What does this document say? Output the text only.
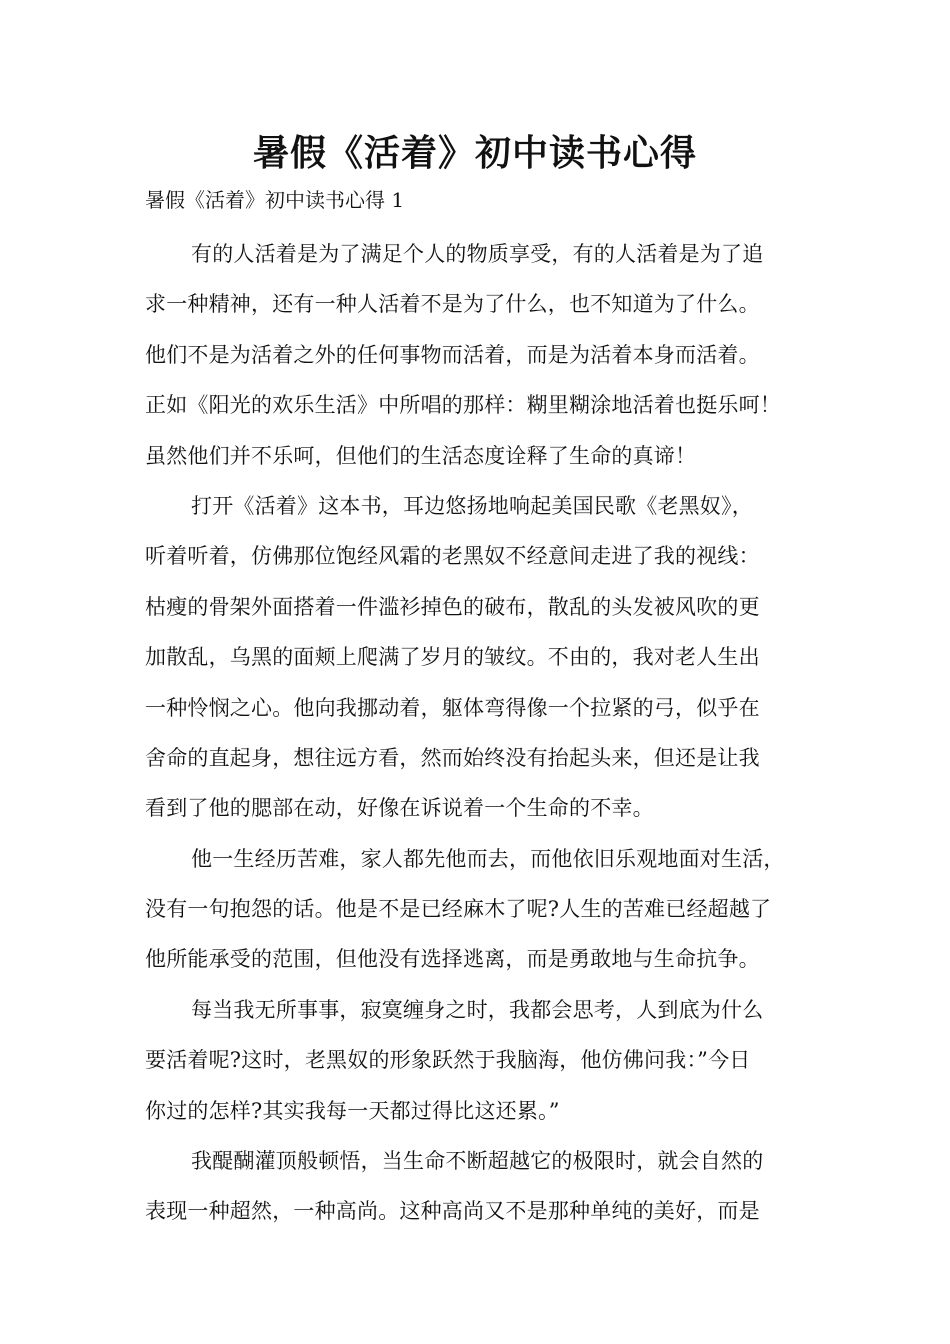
暑假《活着》初中读书心得
暑假《活着》初中读书心得 1
有的人活着是为了满足个人的物质享受，有的人活着是为了追
求一种精神，还有一种人活着不是为了什么，也不知道为了什么。
他们不是为活着之外的任何事物而活着，而是为活着本身而活着。
正如《阳光的欢乐生活》中所唱的那样：糊里糊涂地活着也挺乐呵！
虽然他们并不乐呵，但他们的生活态度诠释了生命的真谛！
打开《活着》这本书，耳边悠扬地响起美国民歌《老黑奴》，
听着听着，仿佛那位饱经风霜的老黑奴不经意间走进了我的视线：
枯瘦的骨架外面搭着一件滥衫掉色的破布，散乱的头发被风吹的更
加散乱，乌黑的面颊上爬满了岁月的皱纹。不由的，我对老人生出
一种怜悯之心。他向我挪动着，躯体弯得像一个拉紧的弓，似乎在
舍命的直起身，想往远方看，然而始终没有抬起头来，但还是让我
看到了他的腮部在动，好像在诉说着一个生命的不幸。
他一生经历苦难，家人都先他而去，而他依旧乐观地面对生活，
没有一句抱怨的话。他是不是已经麻木了呢?人生的苦难已经超越了
他所能承受的范围，但他没有选择逃离，而是勇敢地与生命抗争。
每当我无所事事，寂寞缠身之时，我都会思考，人到底为什么
要活着呢?这时，老黑奴的形象跃然于我脑海，他仿佛问我：”今日
你过的怎样?其实我每一天都过得比这还累。”
我醍醐灌顶般顿悟，当生命不断超越它的极限时，就会自然的
表现一种超然，一种高尚。这种高尚又不是那种单纯的美好，而是
